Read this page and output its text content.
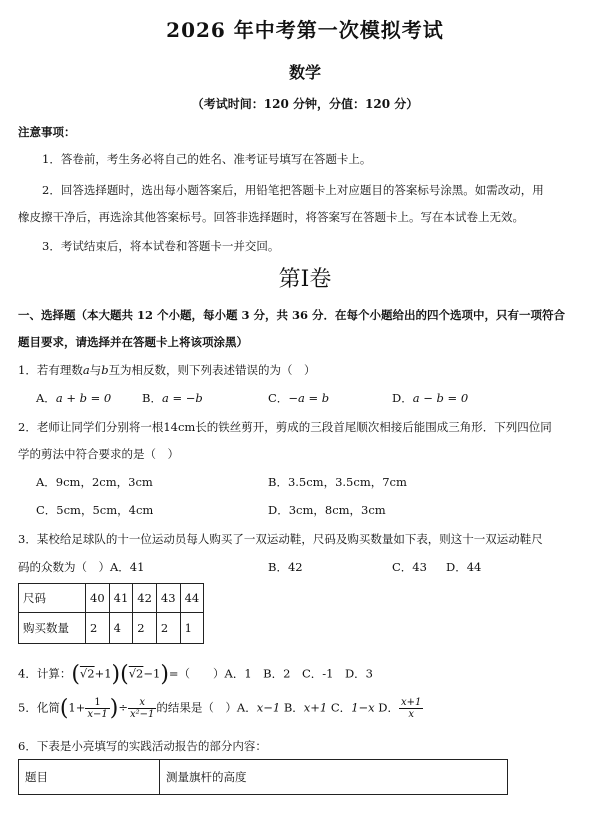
2026 年中考第一次模拟考试
数学
（考试时间：120 分钟，分值：120 分）
注意事项：
1．答卷前，考生务必将自己的姓名、准考证号填写在答题卡上。
2．回答选择题时，选出每小题答案后，用铅笔把答题卡上对应题目的答案标号涂黑。如需改动，用
橡皮擦干净后，再选涂其他答案标号。回答非选择题时，将答案写在答题卡上。写在本试卷上无效。
3．考试结束后，将本试卷和答题卡一并交回。
第I卷
一、选择题（本大题共 12 个小题，每小题 3 分，共 36 分．在每个小题给出的四个选项中，只有一项符合
题目要求，请选择并在答题卡上将该项涂黑）
1．若有理数a与b互为相反数，则下列表述错误的为（　）
A．a + b = 0	B．a = −b	C．−a = b	D．a − b = 0
2．老师让同学们分别将一根14cm长的铁丝剪开，剪成的三段首尾顺次相接后能围成三角形．下列四位同
学的剪法中符合要求的是（　）
A．9cm，2cm，3cm	B．3.5cm，3.5cm，7cm
C．5cm，5cm，4cm	D．3cm，8cm，3cm
3．某校给足球队的十一位运动员每人购买了一双运动鞋，尺码及购买数量如下表，则这十一双运动鞋尺
码的众数为（　）A．41	B．42	C．43 D．44
尺码	40	41	42	43	44
购买数量	2	4	2	2	1
4．计算：(√2+1)(√2−1)=（　　）A．1　B．2　C．-1　D．3
5．化简($1+ \frac{1}{x-1}$ )÷ $\frac{x}{\text{x²−1}}$ 的结果是（　）A．x−1 B．x+1 C．1−x D． $\frac{x+1}{x}$
6．下表是小亮填写的实践活动报告的部分内容：
题目	测量旗杆的高度
